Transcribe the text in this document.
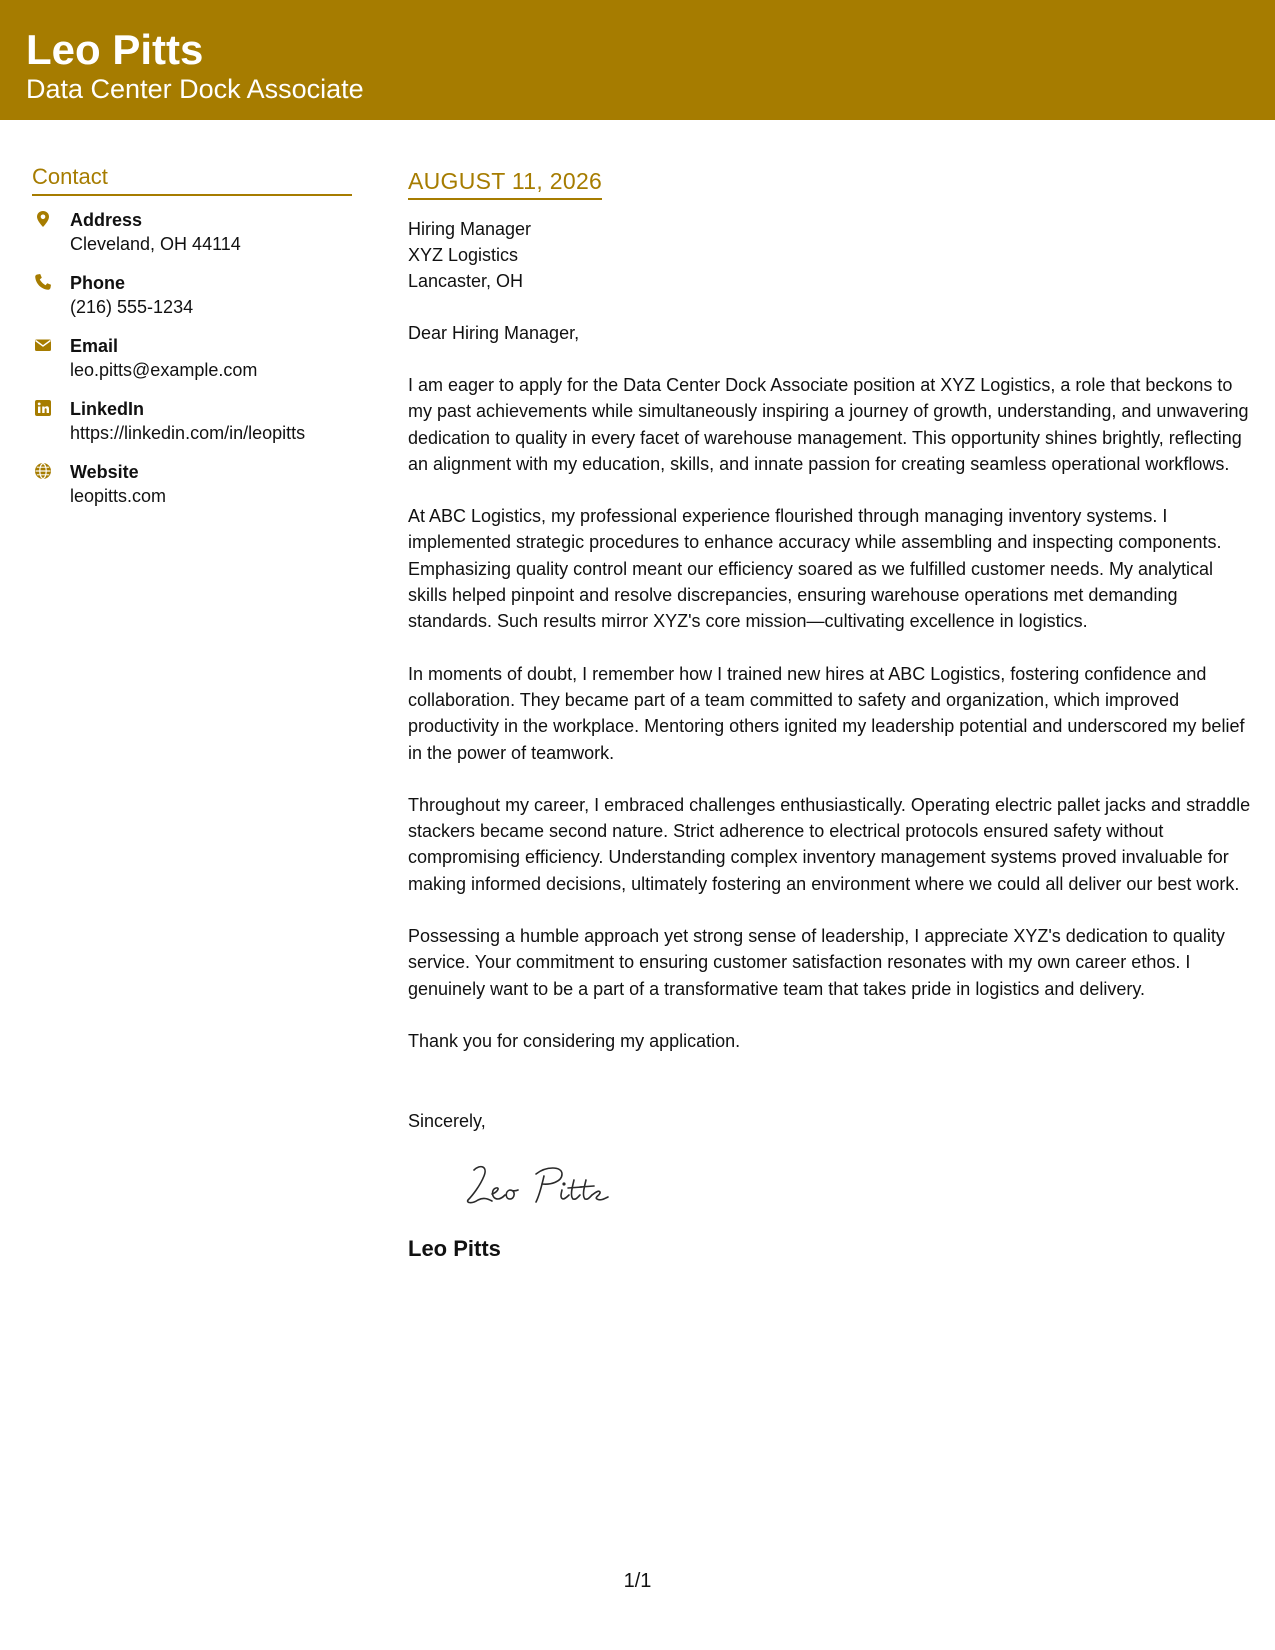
Leo Pitts
Data Center Dock Associate
Contact
Address
Cleveland, OH 44114
Phone
(216) 555-1234
Email
leo.pitts@example.com
LinkedIn
https://linkedin.com/in/leopitts
Website
leopitts.com
AUGUST 11, 2026
Hiring Manager
XYZ Logistics
Lancaster, OH
Dear Hiring Manager,
I am eager to apply for the Data Center Dock Associate position at XYZ Logistics, a role that beckons to my past achievements while simultaneously inspiring a journey of growth, understanding, and unwavering dedication to quality in every facet of warehouse management. This opportunity shines brightly, reflecting an alignment with my education, skills, and innate passion for creating seamless operational workflows.
At ABC Logistics, my professional experience flourished through managing inventory systems. I implemented strategic procedures to enhance accuracy while assembling and inspecting components. Emphasizing quality control meant our efficiency soared as we fulfilled customer needs. My analytical skills helped pinpoint and resolve discrepancies, ensuring warehouse operations met demanding standards. Such results mirror XYZ's core mission—cultivating excellence in logistics.
In moments of doubt, I remember how I trained new hires at ABC Logistics, fostering confidence and collaboration. They became part of a team committed to safety and organization, which improved productivity in the workplace. Mentoring others ignited my leadership potential and underscored my belief in the power of teamwork.
Throughout my career, I embraced challenges enthusiastically. Operating electric pallet jacks and straddle stackers became second nature. Strict adherence to electrical protocols ensured safety without compromising efficiency. Understanding complex inventory management systems proved invaluable for making informed decisions, ultimately fostering an environment where we could all deliver our best work.
Possessing a humble approach yet strong sense of leadership, I appreciate XYZ's dedication to quality service. Your commitment to ensuring customer satisfaction resonates with my own career ethos. I genuinely want to be a part of a transformative team that takes pride in logistics and delivery.
Thank you for considering my application.
Sincerely,
Leo Pitts
1/1
